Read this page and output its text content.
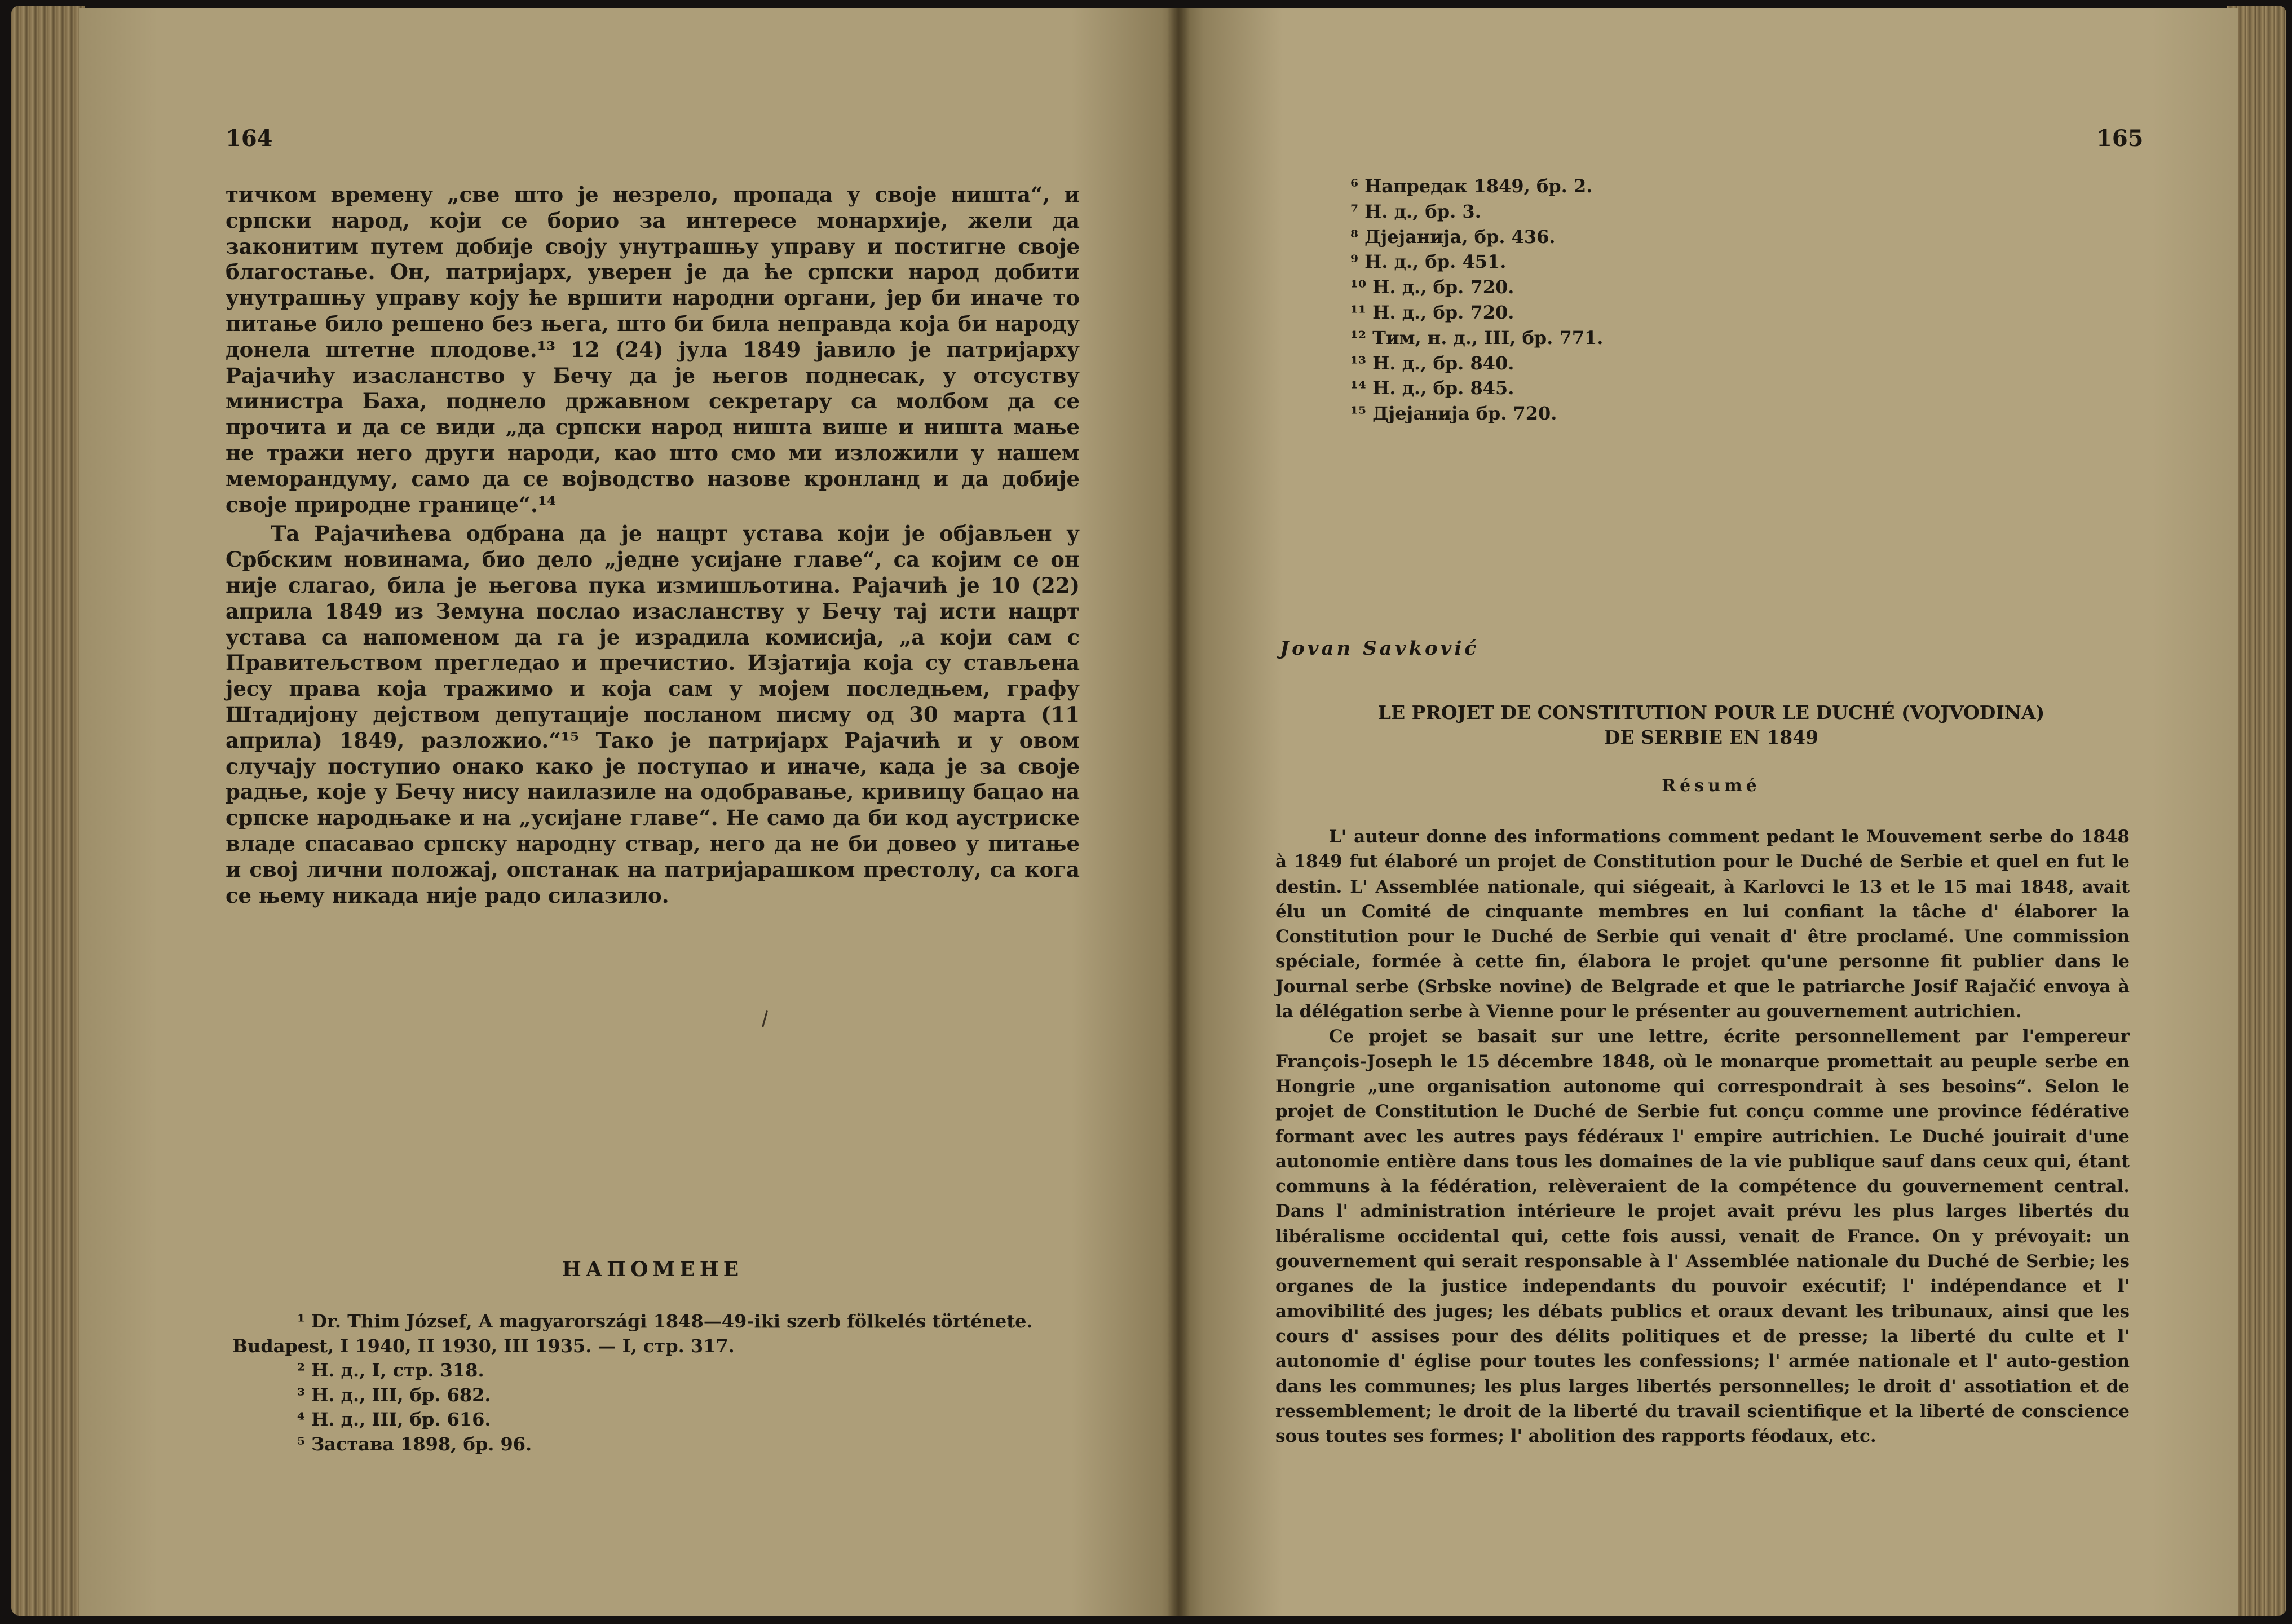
164

тичком времену „све што је незрело, пропада у своје ништа“, и српски народ, који се борио за интересе монархије, жели да законитим путем добије своју унутрашњу управу и постигне своје благостање. Он, патријарх, уверен је да ће српски народ добити унутрашњу управу коју ће вршити народни органи, јер би иначе то питање било решено без њега, што би била неправда која би народу донела штетне плодове.¹³ 12 (24) јула 1849 јавило је патријарху Рајачићу изасланство у Бечу да је његов поднесак, у отсуству министра Баха, поднело државном секретару са молбом да се прочита и да се види „да српски народ ништа више и ништа мање не тражи него други народи, као што смо ми изложили у нашем меморандуму, само да се војводство назове кронланд и да добије своје природне границе“.¹⁴

Та Рајачићева одбрана да је нацрт устава који је објављен у Србским новинама, био дело „једне усијане главе“, са којим се он није слагао, била је његова пука измишљотина. Рајачић је 10 (22) априла 1849 из Земуна послао изасланству у Бечу тај исти нацрт устава са напоменом да га је израдила комисија, „а који сам с Правитељством прегледао и пречистио. Изјатија која су стављена јесу права која тражимо и која сам у мојем последњем, графу Штадијону дејством депутације посланом писму од 30 марта (11 априла) 1849, разложио.“¹⁵ Тако је патријарх Рајачић и у овом случају поступио онако како је поступао и иначе, када је за своје радње, које у Бечу нису наилазиле на одобравање, кривицу бацао на српске народњаке и на „усијане главе“. Не само да би код аустриске владе спасавао српску народну ствар, него да не би довео у питање и свој лични положај, опстанак на патријарашком престолу, са кога се њему никада није радо силазило.

НАПОМЕНЕ

¹ Dr. Thim József, A magyarországi 1848—49-iki szerb fölkelés története. Budapest, I 1940, II 1930, III 1935. — I, стр. 317.

² Н. д., I, стр. 318.

³ Н. д., III, бр. 682.

⁴ Н. д., III, бр. 616.

⁵ Застава 1898, бр. 96.

165

⁶ Напредак 1849, бр. 2.

⁷ Н. д., бр. 3.

⁸ Дјејанија, бр. 436.

⁹ Н. д., бр. 451.

¹⁰ Н. д., бр. 720.

¹¹ Н. д., бр. 720.

¹² Тим, н. д., III, бр. 771.

¹³ Н. д., бр. 840.

¹⁴ Н. д., бр. 845.

¹⁵ Дјејанија бр. 720.

Jovan Savković
LE PROJET DE CONSTITUTION POUR LE DUCHÉ (VOJVODINA)
DE SERBIE EN 1849
Résumé

L' auteur donne des informations comment pedant le Mouvement serbe do 1848 à 1849 fut élaboré un projet de Constitution pour le Duché de Serbie et quel en fut le destin. L' Assemblée nationale, qui siégeait, à Karlovci le 13 et le 15 mai 1848, avait élu un Comité de cinquante membres en lui confiant la tâche d' élaborer la Constitution pour le Duché de Serbie qui venait d' être proclamé. Une commission spéciale, formée à cette fin, élabora le projet qu'une personne fit publier dans le Journal serbe (Srbske novine) de Belgrade et que le patriarche Josif Rajačić envoya à la délégation serbe à Vienne pour le présenter au gouvernement autrichien.

Ce projet se basait sur une lettre, écrite personnellement par l'empereur François-Joseph le 15 décembre 1848, où le monarque promettait au peuple serbe en Hongrie „une organisation autonome qui correspondrait à ses besoins“. Selon le projet de Constitution le Duché de Serbie fut conçu comme une province fédérative formant avec les autres pays fédéraux l' empire autrichien. Le Duché jouirait d'une autonomie entière dans tous les domaines de la vie publique sauf dans ceux qui, étant communs à la fédération, relèveraient de la compétence du gouvernement central. Dans l' administration intérieure le projet avait prévu les plus larges libertés du libéralisme occidental qui, cette fois aussi, venait de France. On y prévoyait: un gouvernement qui serait responsable à l' Assemblée nationale du Duché de Serbie; les organes de la justice independants du pouvoir exécutif; l' indépendance et l' amovibilité des juges; les débats publics et oraux devant les tribunaux, ainsi que les cours d' assises pour des délits politiques et de presse; la liberté du culte et l' autonomie d' église pour toutes les confessions; l' armée nationale et l' auto-gestion dans les communes; les plus larges libertés personnelles; le droit d' assotiation et de ressemblement; le droit de la liberté du travail scientifique et la liberté de conscience sous toutes ses formes; l' abolition des rapports féodaux, etc.
